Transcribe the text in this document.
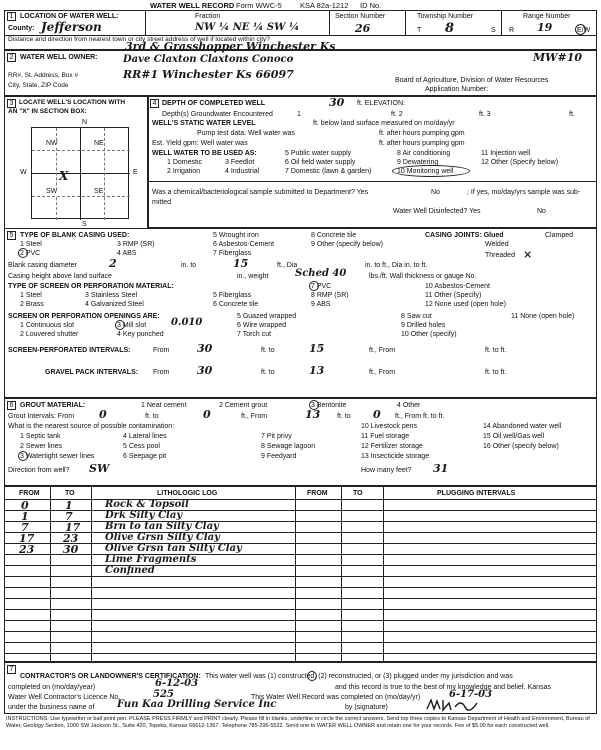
WATER WELL RECORD Form WWC-5 KSA 82a-1212 ID No.
1 LOCATION OF WATER WELL:
County: Jefferson
Fraction
NW ¼ NE ¼ SW ¼
Section Number
26
Township Number
T 8	S
Range Number
R 19	E/W
Distance and direction from nearest town or city street address of well if located within city?
3rd & Grasshopper Winchester Ks
2 WATER WELL OWNER:	Dave Claxton Claxtons Conoco	MW#10
RR#, St. Address, Box #	RR#1 Winchester Ks 66097
City, State, ZIP Code
Board of Agriculture, Division of Water Resources
Application Number:
3 LOCATE WELL'S LOCATION WITH
AN "X" IN SECTION BOX:
N
W	E
NW	NE
SW	SE
X
S
4 DEPTH OF COMPLETED WELL	30 ft. ELEVATION:
Depth(s) Groundwater Encountered	1	ft. 2	ft. 3	ft.
WELL'S STATIC WATER LEVEL	ft. below land surface measured on mo/day/yr
Pump test data: Well water was	ft. after hours pumping gpm
Est. Yield gpm: Well water was	ft. after hours pumping gpm
WELL WATER TO BE USED AS:	5 Public water supply	8 Air conditioning	11 Injection well
1 Domestic	3 Feedlot	6 Oil field water supply	9 Dewatering	12 Other (Specify below)
2 Irrigation	4 Industrial	7 Domestic (lawn & garden)	10 Monitoring well
Was a chemical/bacteriological sample submitted to Department? Yes	No	; If yes, mo/day/yrs sample was sub-
mitted
Water Well Disinfected? Yes	No
5 TYPE OF BLANK CASING USED:
1 Steel	3 RMP (SR)
5 Wrought iron	8 Concrete tile	CASING JOINTS: Glued	Clamped
2 PVC	4 ABS
6 Asbestos-Cement	9 Other (specify below)	Welded
7 Fiberglass	Threaded ×
Blank casing diameter	2	in. to	15	ft., Dia	in. to ft., Dia in. to ft.
Casing height above land surface	in., weight	Sched 40	lbs./ft. Wall thickness or gauge No.
TYPE OF SCREEN OR PERFORATION MATERIAL:	7 PVC	10 Asbestos-Cement
1 Steel	3 Stainless Steel	5 Fiberglass	8 RMP (SR)	11 Other (Specify)
2 Brass	4 Galvanized Steel	6 Concrete tile	9 ABS	12 None used (open hole)
SCREEN OR PERFORATION OPENINGS ARE:	5 Guazed wrapped	8 Saw cut	11 None (open hole)
1 Continuous slot	3 Mill slot 0.010	6 Wire wrapped	9 Drilled holes
2 Louvered shutter	4 Key punched	7 Torch cut	10 Other (specify)
SCREEN-PERFORATED INTERVALS:	From	30	ft. to	15	ft., From	ft. to ft.
GRAVEL PACK INTERVALS: From	30	ft. to	13	ft., From	ft. to ft.
6 GROUT MATERIAL:	1 Neat cement	2 Cement grout	3 Bentonite	4 Other
Grout Intervals: From 0	ft. to	0	ft., From	13 ft. to 0 ft., From ft. to ft.
What is the nearest source of possible contamination:	10 Livestock pens	14 Abandoned water well
1 Septic tank	4 Lateral lines	7 Pit privy	11 Fuel storage	15 Oil well/Gas well
2 Sewer lines	5 Cess pool	8 Sewage lagoon	12 Fertilizer storage	16 Other (specify below)
3 Watertight sewer lines	6 Seepage pit	9 Feedyard	13 Insecticide storage
Direction from well? SW	How many feet? 31
FROM	TO	LITHOLOGIC LOG	FROM	TO	PLUGGING INTERVALS
0	1	Rock & Topsoil
1	7	Drk Silty Clay
7	17 Brn to tan Silty Clay
17	23	Olive Grsn Silty Clay
23	30	Olive Grsn tan Silty Clay
Lime Fragments
Confined
7
CONTRACTOR'S OR LANDOWNER'S CERTIFICATION: This water well was (1) constructed, (2) reconstructed, or (3) plugged under my jurisdiction and was
completed on (mo/day/year)	6-12-03	and this record is true to the best of my knowledge and belief. Kansas
Water Well Contractor's Licence No.	525	This Water Well Record was completed on (mo/day/yr)	6-17-03
under the business name of Fun Kaa Drilling Service Inc	by (signature)
INSTRUCTIONS: Use typewriter or ball point pen. PLEASE PRESS FIRMLY and PRINT clearly. Please fill in blanks, underline or circle the correct answers. Send top three copies to Kansas Department of Health and Environment, Bureau of Water, Geology Section, 1000 SW Jackson St., Suite 420, Topeka, Kansas 66612-1367. Telephone 785-296-5522. Send one to WATER WELL OWNER and retain one for your records. Fee of $5.00 for each constructed well.
